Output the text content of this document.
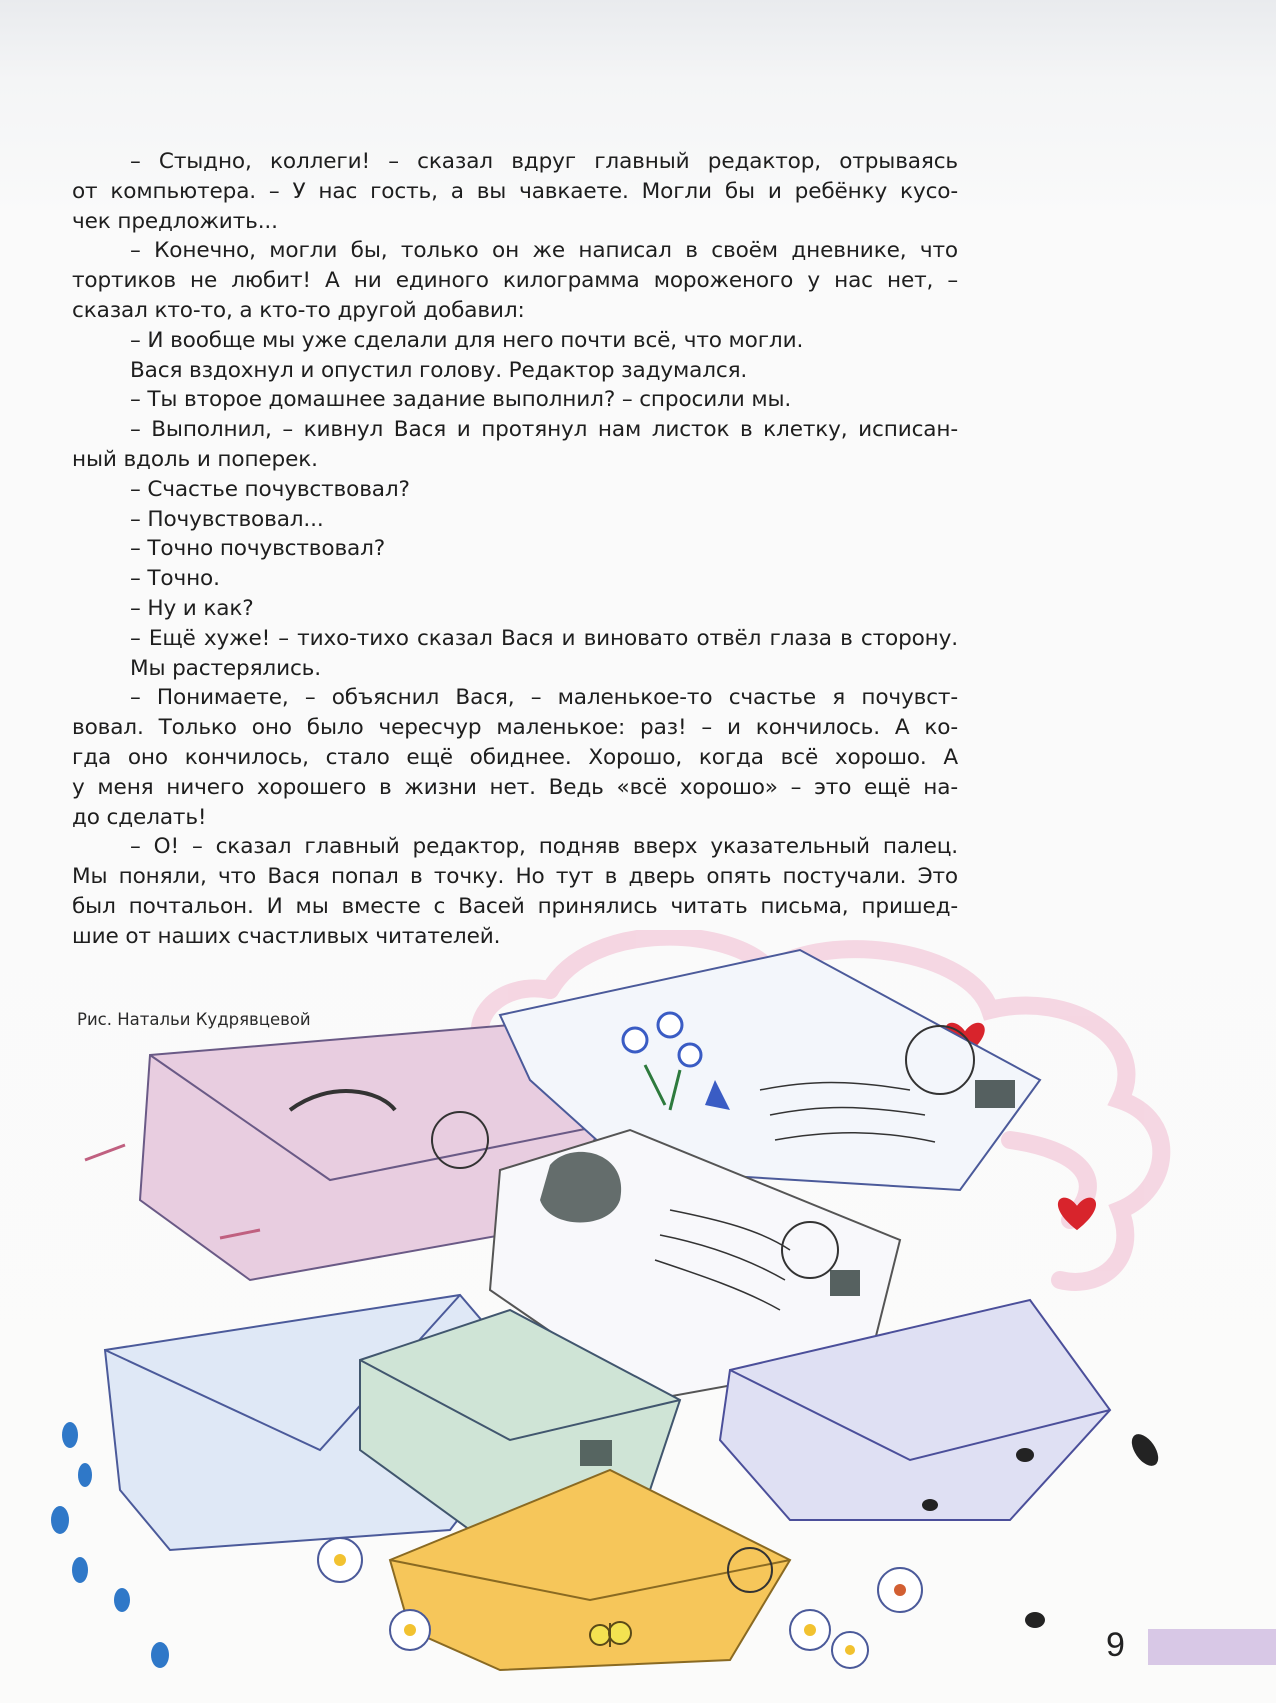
– Стыдно, коллеги! – сказал вдруг главный редактор, отрываясь
от компьютера. – У нас гость, а вы чавкаете. Могли бы и ребёнку кусо-
чек предложить...
– Конечно, могли бы, только он же написал в своём дневнике, что
тортиков не любит! А ни единого килограмма мороженого у нас нет, –
сказал кто-то, а кто-то другой добавил:
– И вообще мы уже сделали для него почти всё, что могли.
Вася вздохнул и опустил голову. Редактор задумался.
– Ты второе домашнее задание выполнил? – спросили мы.
– Выполнил, – кивнул Вася и протянул нам листок в клетку, исписан-
ный вдоль и поперек.
– Счастье почувствовал?
– Почувствовал...
– Точно почувствовал?
– Точно.
– Ну и как?
– Ещё хуже! – тихо-тихо сказал Вася и виновато отвёл глаза в сторону.
Мы растерялись.
– Понимаете, – объяснил Вася, – маленькое-то счастье я почувст-
вовал. Только оно было чересчур маленькое: раз! – и кончилось. А ко-
гда оно кончилось, стало ещё обиднее. Хорошо, когда всё хорошо. А
у меня ничего хорошего в жизни нет. Ведь «всё хорошо» – это ещё на-
до сделать!
– О! – сказал главный редактор, подняв вверх указательный палец.
Мы поняли, что Вася попал в точку. Но тут в дверь опять постучали. Это
был почтальон. И мы вместе с Васей принялись читать письма, пришед-
шие от наших счастливых читателей.
Рис. Натальи Кудрявцевой
9
